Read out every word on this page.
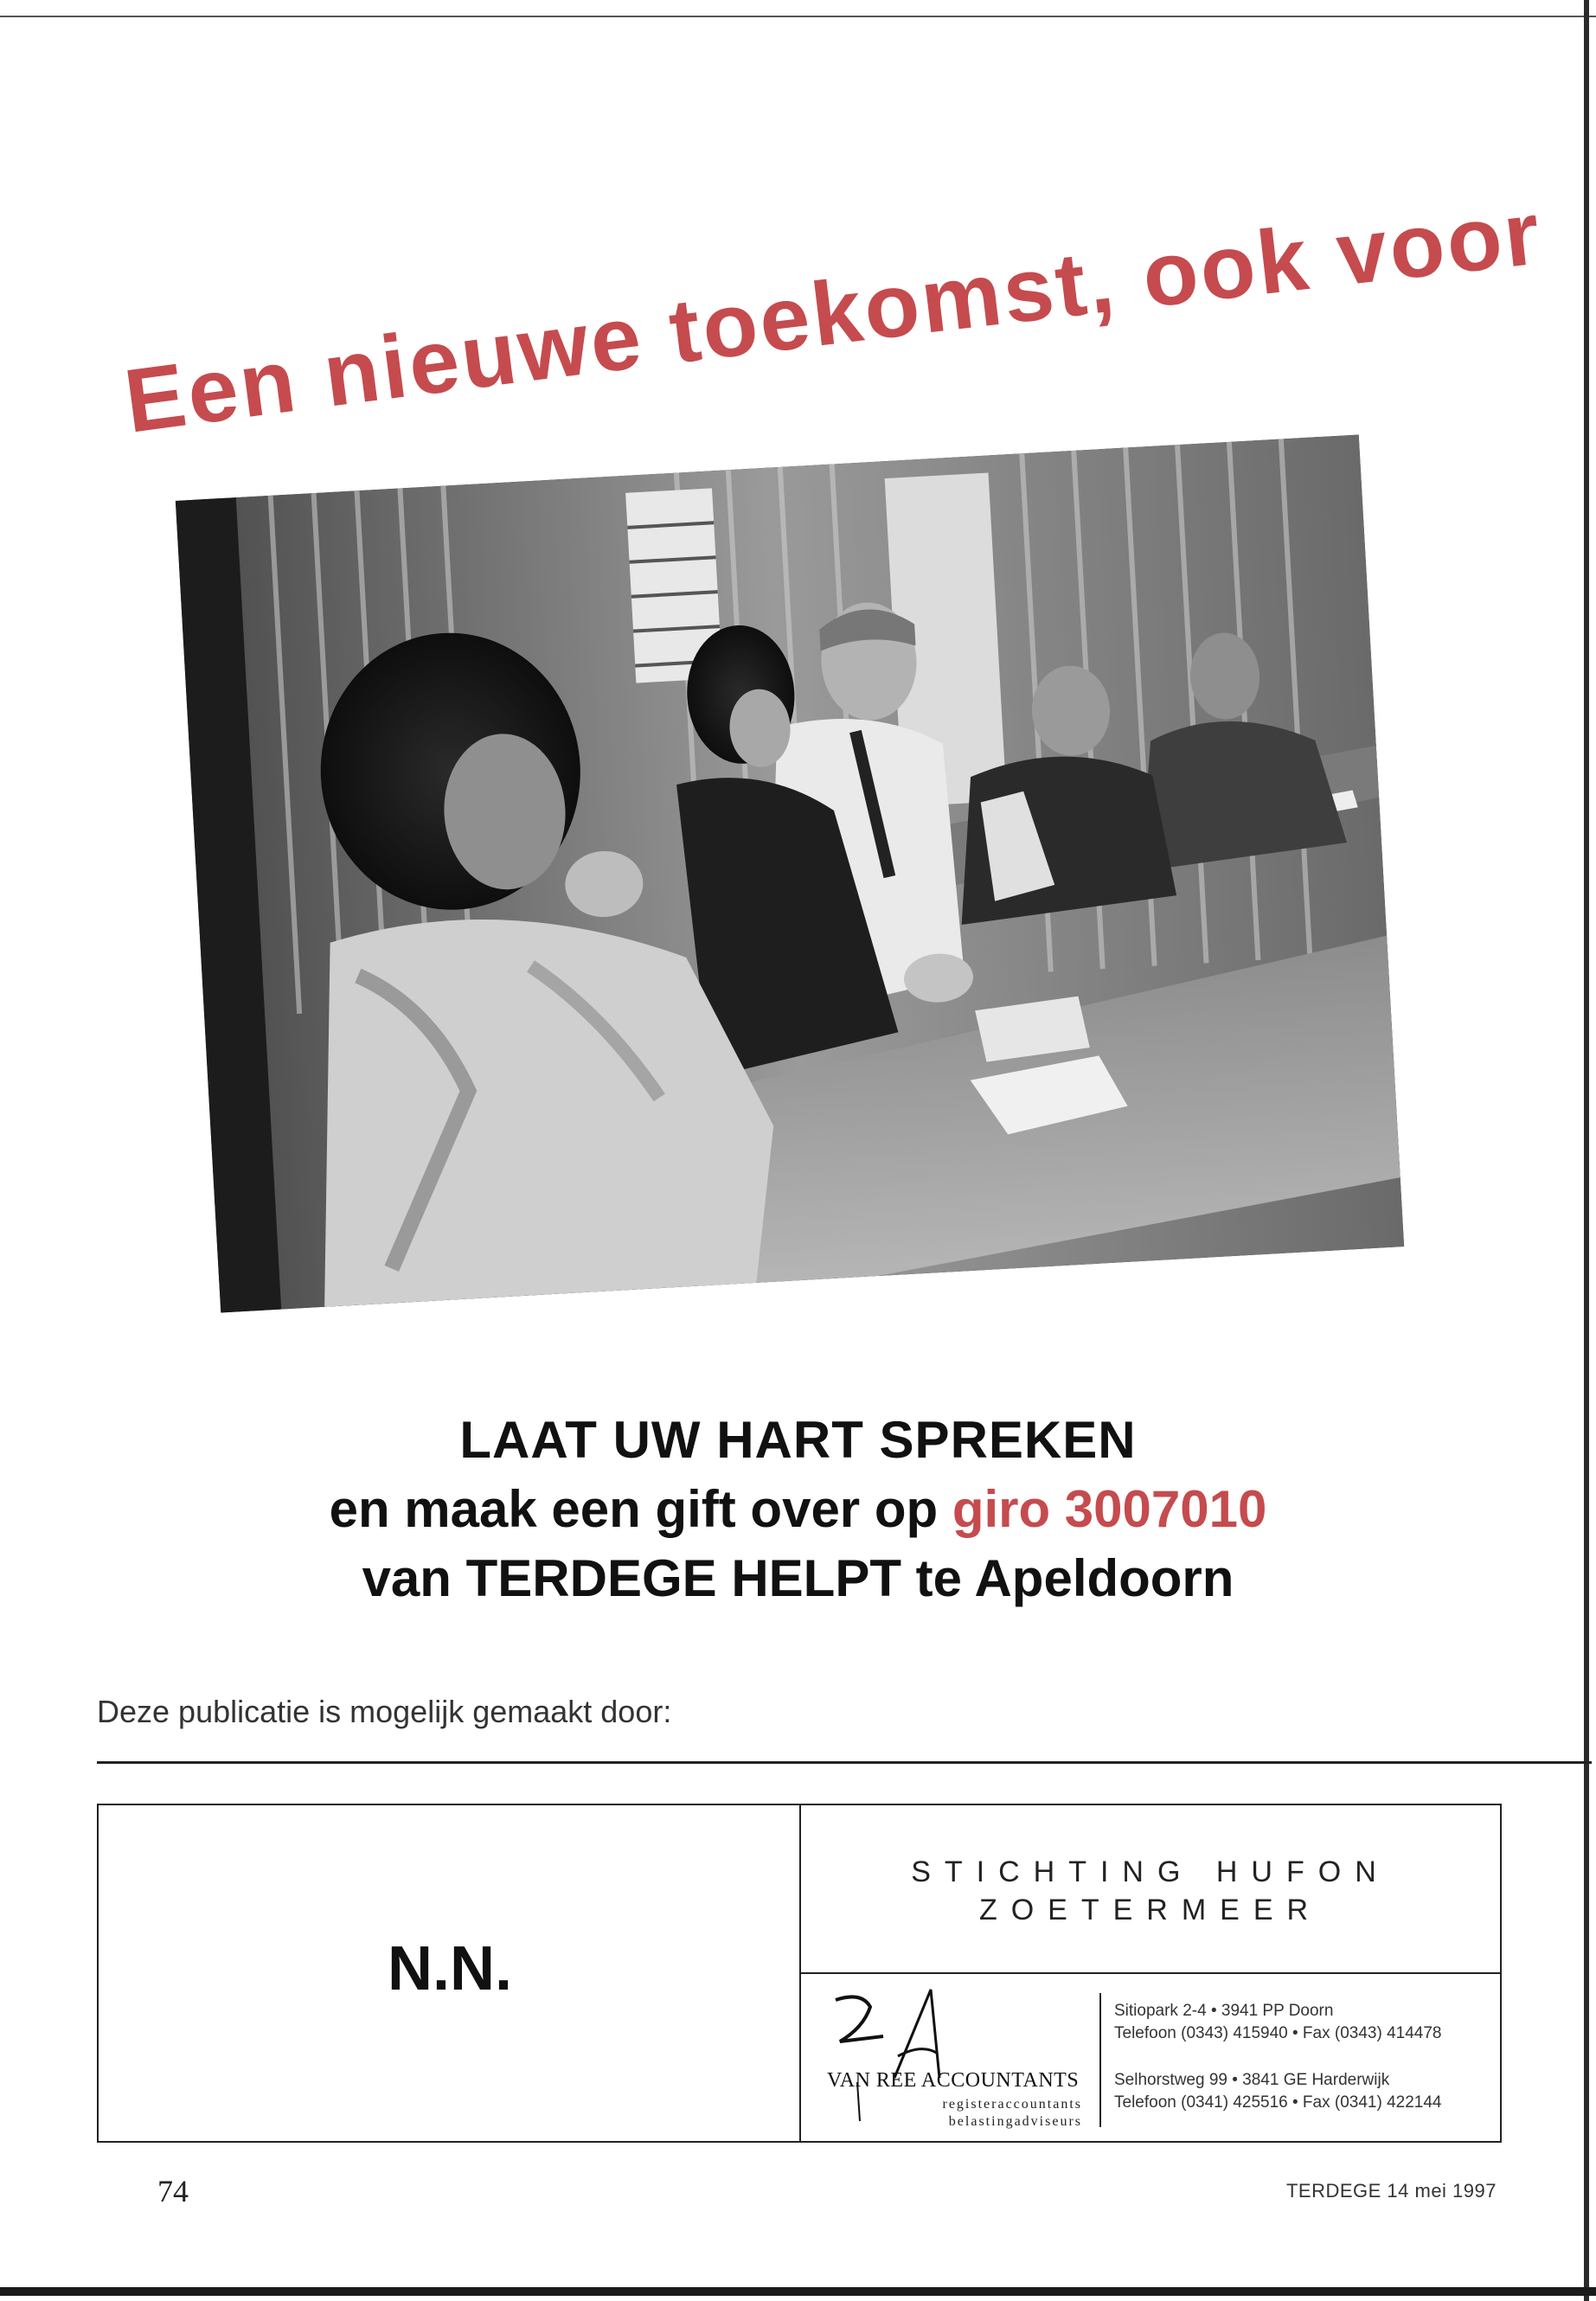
Een nieuwe toekomst, ook voor
LAAT UW HART SPREKEN
en maak een gift over op giro 3007010
van TERDEGE HELPT te Apeldoorn
Deze publicatie is mogelijk gemaakt door:
N.N.
STICHTING HUFON
ZOETERMEER
VAN REE ACCOUNTANTS
registeraccountants
belastingadviseurs
Sitiopark 2-4 • 3941 PP Doorn
Telefoon (0343) 415940 • Fax (0343) 414478
Selhorstweg 99 • 3841 GE Harderwijk
Telefoon (0341) 425516 • Fax (0341) 422144
74	TERDEGE 14 mei 1997
